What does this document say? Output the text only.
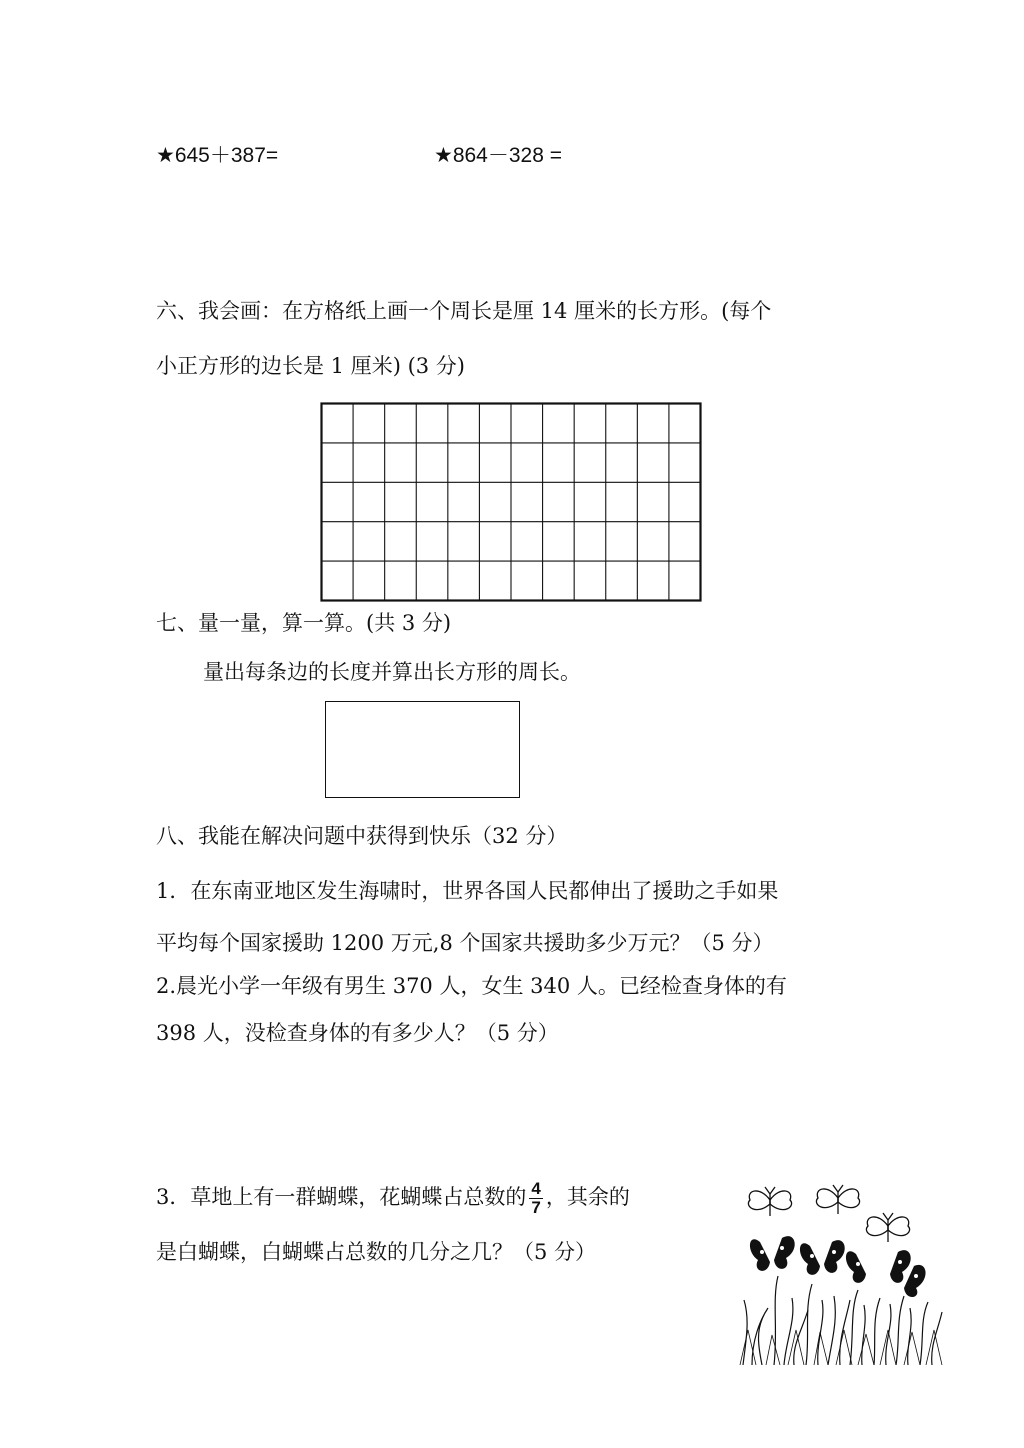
★645＋387=	★864－328 =
六、我会画：在方格纸上画一个周长是厘 14 厘米的长方形。(每个
小正方形的边长是 1 厘米) (3 分)
七、量一量，算一算。(共 3 分)
量出每条边的长度并算出长方形的周长。
八、我能在解决问题中获得到快乐（32 分）
1．在东南亚地区发生海啸时，世界各国人民都伸出了援助之手如果
平均每个国家援助 1200 万元,8 个国家共援助多少万元？（5 分）
2.晨光小学一年级有男生 370 人，女生 340 人。已经检查身体的有
398 人，没检查身体的有多少人？（5 分）
3．草地上有一群蝴蝶，花蝴蝶占总数的 $\frac{4}{7}$ ，其余的
是白蝴蝶，白蝴蝶占总数的几分之几？（5 分）
